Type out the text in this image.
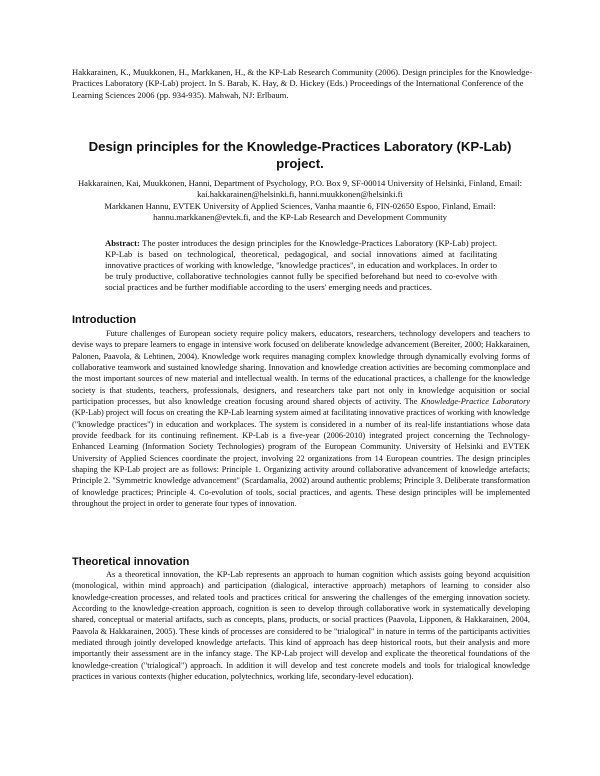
Hakkarainen, K., Muukkonen, H., Markkanen, H., & the KP-Lab Research Community (2006). Design principles for the Knowledge-Practices Laboratory (KP-Lab) project. In S. Barab, K. Hay, & D. Hickey (Eds.) Proceedings of the International Conference of the Learning Sciences 2006 (pp. 934-935). Mahwah, NJ: Erlbaum.
Design principles for the Knowledge-Practices Laboratory (KP-Lab) project.

Hakkarainen, Kai, Muukkonen, Hanni, Department of Psychology, P.O. Box 9, SF-00014 University of Helsinki, Finland, Email: kai.hakkarainen@helsinki.fi, hanni.muukkonen@helsinki.fi

Markkanen Hannu, EVTEK University of Applied Sciences, Vanha maantie 6, FIN-02650 Espoo, Finland, Email: hannu.markkanen@evtek.fi, and the KP-Lab Research and Development Community

Abstract: The poster introduces the design principles for the Knowledge-Practices Laboratory (KP-Lab) project. KP-Lab is based on technological, theoretical, pedagogical, and social innovations aimed at facilitating innovative practices of working with knowledge, "knowledge practices", in education and workplaces. In order to be truly productive, collaborative technologies cannot fully be specified beforehand but need to co-evolve with social practices and be further modifiable according to the users' emerging needs and practices.

Introduction

Future challenges of European society require policy makers, educators, researchers, technology developers and teachers to devise ways to prepare learners to engage in intensive work focused on deliberate knowledge advancement (Bereiter, 2000; Hakkarainen, Palonen, Paavola, & Lehtinen, 2004). Knowledge work requires managing complex knowledge through dynamically evolving forms of collaborative teamwork and sustained knowledge sharing. Innovation and knowledge creation activities are becoming commonplace and the most important sources of new material and intellectual wealth. In terms of the educational practices, a challenge for the knowledge society is that students, teachers, professionals, designers, and researchers take part not only in knowledge acquisition or social participation processes, but also knowledge creation focusing around shared objects of activity. The Knowledge-Practice Laboratory (KP-Lab) project will focus on creating the KP-Lab learning system aimed at facilitating innovative practices of working with knowledge ("knowledge practices") in education and workplaces. The system is considered in a number of its real-life instantiations whose data provide feedback for its continuing refinement. KP-Lab is a five-year (2006-2010) integrated project concerning the Technology-Enhanced Learning (Information Society Technologies) program of the European Community. University of Helsinki and EVTEK University of Applied Sciences coordinate the project, involving 22 organizations from 14 European countries. The design principles shaping the KP-Lab project are as follows: Principle 1. Organizing activity around collaborative advancement of knowledge artefacts; Principle 2. "Symmetric knowledge advancement" (Scardamalia, 2002) around authentic problems; Principle 3. Deliberate transformation of knowledge practices; Principle 4. Co-evolution of tools, social practices, and agents. These design principles will be implemented throughout the project in order to generate four types of innovation.

Theoretical innovation

As a theoretical innovation, the KP-Lab represents an approach to human cognition which assists going beyond acquisition (monological, within mind approach) and participation (dialogical, interactive approach) metaphors of learning to consider also knowledge-creation processes, and related tools and practices critical for answering the challenges of the emerging innovation society. According to the knowledge-creation approach, cognition is seen to develop through collaborative work in systematically developing shared, conceptual or material artifacts, such as concepts, plans, products, or social practices (Paavola, Lipponen, & Hakkarainen, 2004, Paavola & Hakkarainen, 2005). These kinds of processes are considered to be "trialogical" in nature in terms of the participants activities mediated through jointly developed knowledge artefacts. This kind of approach has deep historical roots, but their analysis and more importantly their assessment are in the infancy stage. The KP-Lab project will develop and explicate the theoretical foundations of the knowledge-creation ("trialogical") approach. In addition it will develop and test concrete models and tools for trialogical knowledge practices in various contexts (higher education, polytechnics, working life, secondary-level education).
